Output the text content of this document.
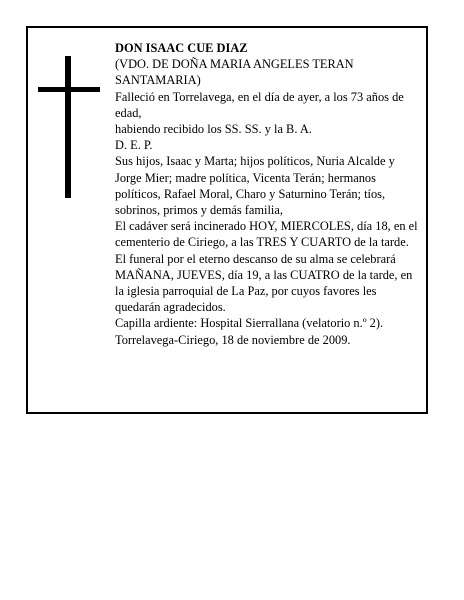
DON ISAAC CUE DIAZ

(VDO. DE DOÑA MARIA ANGELES TERAN SANTAMARIA)

Falleció en Torrelavega, en el día de ayer, a los 73 años de edad,

habiendo recibido los SS. SS. y la B. A.

D. E. P.

Sus hijos, Isaac y Marta; hijos políticos, Nuria Alcalde y Jorge Mier; madre política, Vicenta Terán; hermanos políticos, Rafael Moral, Charo y Saturnino Terán; tíos, sobrinos, primos y demás familia,

El cadáver será incinerado HOY, MIERCOLES, día 18, en el cementerio de Ciriego, a las TRES Y CUARTO de la tarde. El funeral por el eterno descanso de su alma se celebrará MAÑANA, JUEVES, día 19, a las CUATRO de la tarde, en la iglesia parroquial de La Paz, por cuyos favores les quedarán agradecidos.

Capilla ardiente: Hospital Sierrallana (velatorio n.º 2).

Torrelavega-Ciriego, 18 de noviembre de 2009.
